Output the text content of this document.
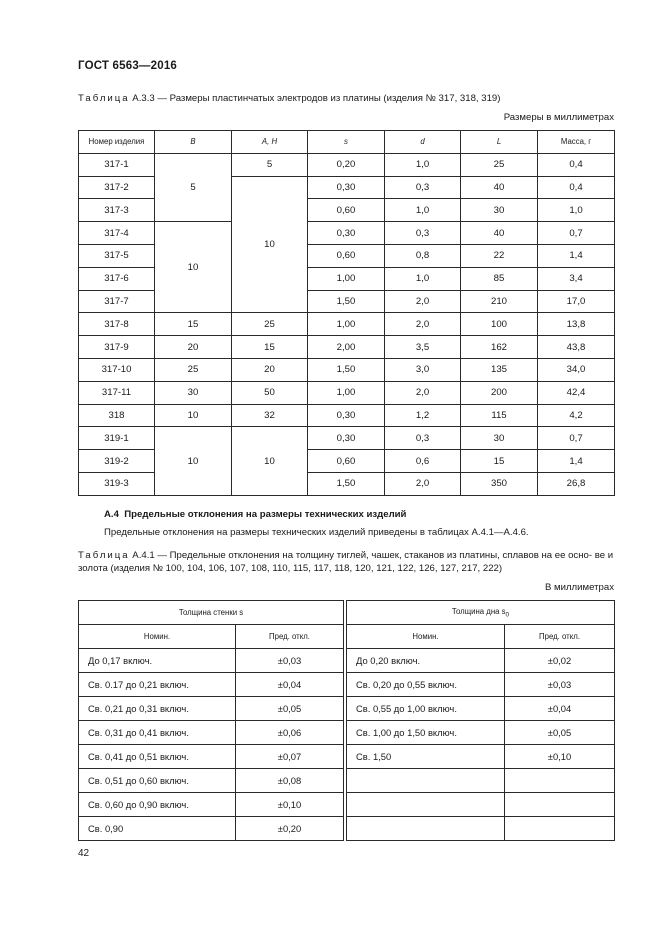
ГОСТ 6563—2016
Таблица А.3.3 — Размеры пластинчатых электродов из платины (изделия № 317, 318, 319)
Размеры в миллиметрах
Номер изделия	B	A, H	s	d	L	Масса, г
317-1	5	5	0,20	1,0	25	0,4
317-2		10	0,30	0,3	40	0,4
317-3			0,60	1,0	30	1,0
317-4	10		0,30	0,3	40	0,7
317-5			0,60	0,8	22	1,4
317-6			1,00	1,0	85	3,4
317-7			1,50	2,0	210	17,0
317-8	15	25	1,00	2,0	100	13,8
317-9	20	15	2,00	3,5	162	43,8
317-10	25	20	1,50	3,0	135	34,0
317-11	30	50	1,00	2,0	200	42,4
318	10	32	0,30	1,2	115	4,2
319-1	10	10	0,30	0,3	30	0,7
319-2			0,60	0,6	15	1,4
319-3			1,50	2,0	350	26,8
А.4 Предельные отклонения на размеры технических изделий
Предельные отклонения на размеры технических изделий приведены в таблицах А.4.1—А.4.6.
Таблица А.4.1 — Предельные отклонения на толщину тиглей, чашек, стаканов из платины, сплавов на ее осно- ве и золота (изделия № 100, 104, 106, 107, 108, 110, 115, 117, 118, 120, 121, 122, 126, 127, 217, 222)
В миллиметрах
Толщина стенки s	
Номин.	Пред. откл.
До 0,17 включ.	±0,03
Св. 0.17 до 0,21 включ.	±0,04
Св. 0,21 до 0,31 включ.	±0,05
Св. 0,31 до 0,41 включ.	±0,06
Св. 0,41 до 0,51 включ.	±0,07
Св. 0,51 до 0,60 включ.	±0,08
Св. 0,60 до 0,90 включ.	±0,10
Св. 0,90	±0,20
Толщина дна $s_0$
Номин.	Пред. откл.
До 0,20 включ.	±0,02
Св. 0,20 до 0,55 включ.	±0,03
Св. 0,55 до 1,00 включ.	±0,04
Св. 1,00 до 1,50 включ.	±0,05
Св. 1,50	±0,10

42
